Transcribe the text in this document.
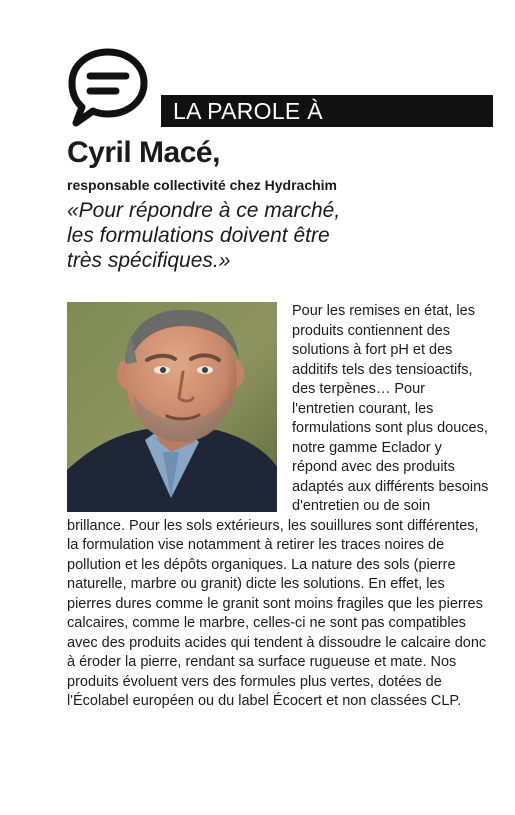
LA PAROLE À
Cyril Macé,
responsable collectivité chez Hydrachim
«Pour répondre à ce marché,
les formulations doivent être
très spécifiques.»
Pour les remises en état, les produits contiennent des solutions à fort pH et des additifs tels des tensioactifs, des terpènes… Pour l'entretien courant, les formulations sont plus douces, notre gamme Eclador y répond avec des produits adaptés aux différents besoins d'entretien ou de soin brillance. Pour les sols extérieurs, les souillures sont différentes, la formulation vise notamment à retirer les traces noires de pollution et les dépôts organiques. La nature des sols (pierre naturelle, marbre ou granit) dicte les solutions. En effet, les pierres dures comme le granit sont moins fragiles que les pierres calcaires, comme le marbre, celles-ci ne sont pas compatibles avec des produits acides qui tendent à dissoudre le calcaire donc à éroder la pierre, rendant sa surface rugueuse et mate. Nos produits évoluent vers des formules plus vertes, dotées de l'Écolabel européen ou du label Écocert et non classées CLP.
